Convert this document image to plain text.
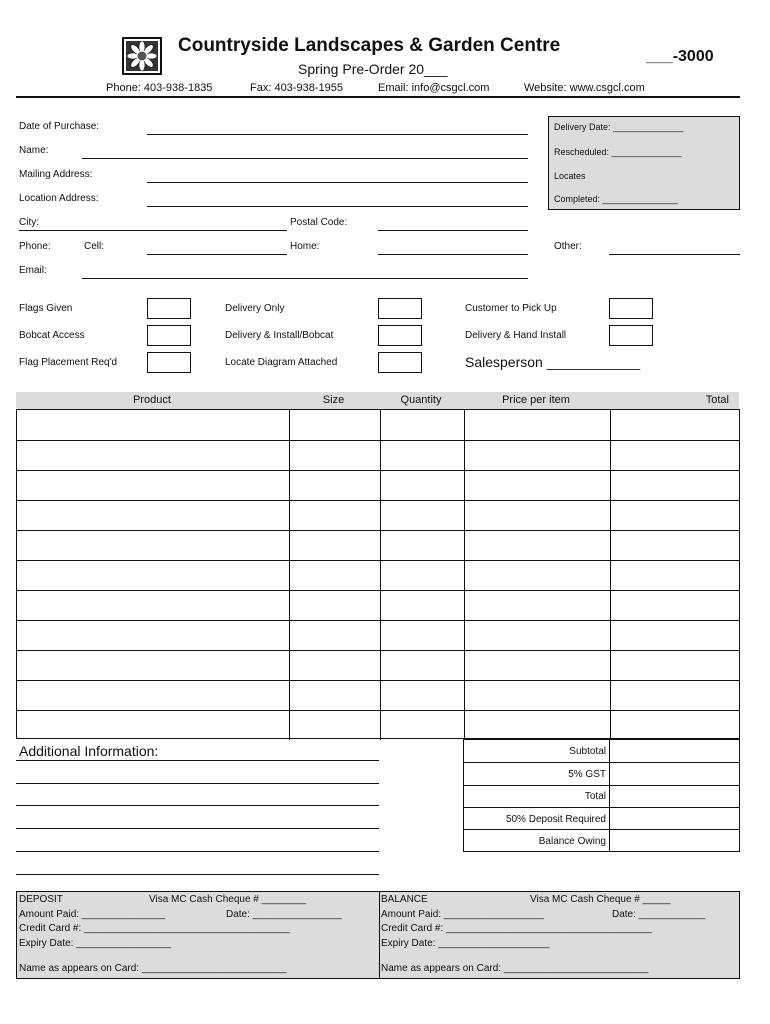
Countryside Landscapes & Garden Centre
Spring Pre-Order 20___
___-3000
Phone: 403-938-1835	Fax: 403-938-1955	Email: info@csgcl.com	Website: www.csgcl.com
Date of Purchase:
Name:
Mailing Address:
Location Address:
City:	Postal Code:
Phone:	Cell:	Home:	Other:
Email:
Delivery Date: ______________
Rescheduled: ______________
Locates
Completed: _______________
Flags Given
Bobcat Access
Flag Placement Req'd
Delivery Only
Delivery & Install/Bobcat
Locate Diagram Attached
Customer to Pick Up
Delivery & Hand Install
Salesperson ____________
Product	Size	Quantity	Price per item	Total
Additional Information:	Subtotal
5% GST
Total
50% Deposit Required
Balance Owing
DEPOSIT	Visa MC Cash Cheque # ________
Amount Paid: _______________	Date: ________________
Credit Card #: _____________________________________
Expiry Date: _________________
Name as appears on Card: __________________________
BALANCE	Visa MC Cash Cheque # _____
Amount Paid: __________________	Date: ____________
Credit Card #: _____________________________________
Expiry Date: ____________________
Name as appears on Card: __________________________
